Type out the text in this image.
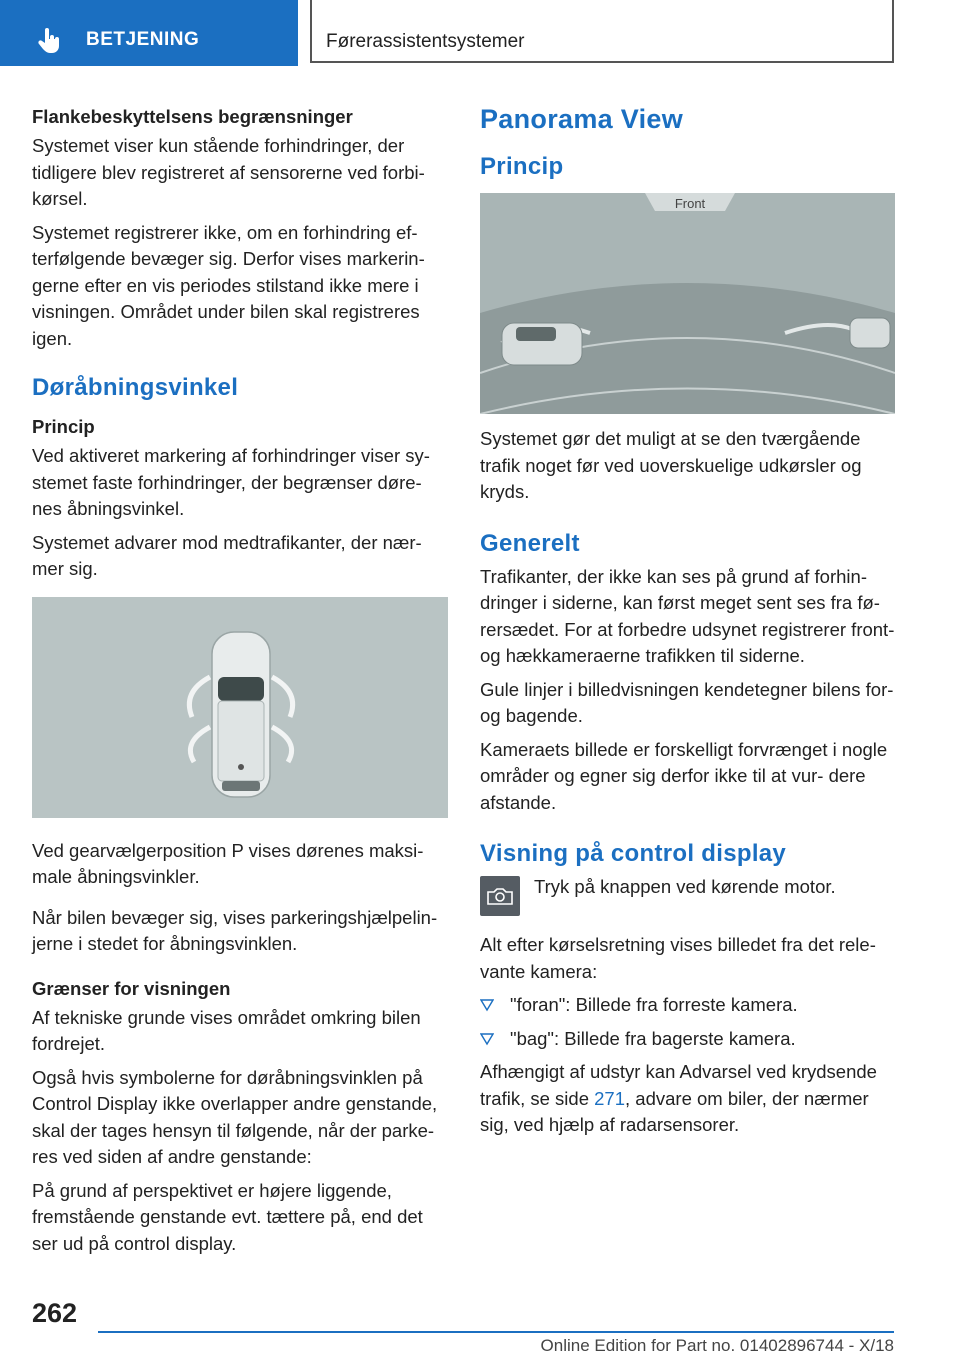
BETJENING	Førerassistentsystemer
Flankebeskyttelsens begrænsninger

Systemet viser kun stående forhindringer, der tidligere blev registreret af sensorerne ved forbi- kørsel.

Systemet registrerer ikke, om en forhindring ef- terfølgende bevæger sig. Derfor vises markerin- gerne efter en vis periodes stilstand ikke mere i visningen. Området under bilen skal registreres igen.

Døråbningsvinkel
Princip

Ved aktiveret markering af forhindringer viser sy- stemet faste forhindringer, der begrænser døre- nes åbningsvinkel.

Systemet advarer mod medtrafikanter, der nær- mer sig.

Ved gearvælgerposition P vises dørenes maksi- male åbningsvinkler.

Når bilen bevæger sig, vises parkeringshjælpelin- jerne i stedet for åbningsvinklen.

Grænser for visningen

Af tekniske grunde vises området omkring bilen fordrejet.

Også hvis symbolerne for døråbningsvinklen på Control Display ikke overlapper andre genstande, skal der tages hensyn til følgende, når der parke- res ved siden af andre genstande:

På grund af perspektivet er højere liggende, fremstående genstande evt. tættere på, end det ser ud på control display.

Panorama View
Princip
Front

Systemet gør det muligt at se den tværgående trafik noget før ved uoverskuelige udkørsler og kryds.

Generelt

Trafikanter, der ikke kan ses på grund af forhin- dringer i siderne, kan først meget sent ses fra fø- rersædet. For at forbedre udsynet registrerer front- og hækkameraerne trafikken til siderne.

Gule linjer i billedvisningen kendetegner bilens for- og bagende.

Kameraets billede er forskelligt forvrænget i nogle områder og egner sig derfor ikke til at vur- dere afstande.

Visning på control display

Tryk på knappen ved kørende motor.

Alt efter kørselsretning vises billedet fra det rele- vante kamera:

"foran": Billede fra forreste kamera.

"bag": Billede fra bagerste kamera.

Afhængigt af udstyr kan Advarsel ved krydsende trafik, se side 271, advare om biler, der nærmer sig, ved hjælp af radarsensorer.

262
Online Edition for Part no. 01402896744 - X/18
